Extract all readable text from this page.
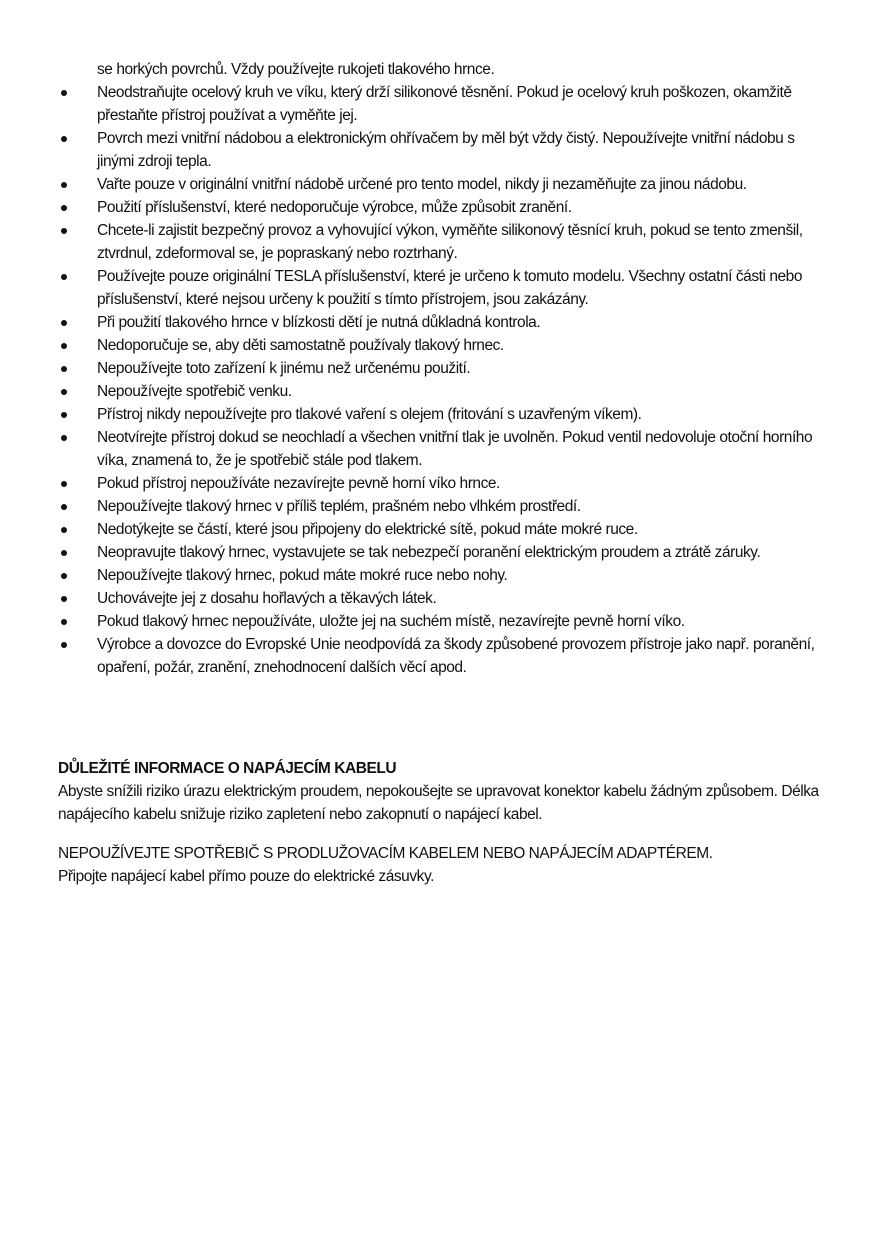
se horkých povrchů. Vždy používejte rukojeti tlakového hrnce.

Neodstraňujte ocelový kruh ve víku, který drží silikonové těsnění. Pokud je ocelový kruh poškozen, okamžitě přestaňte přístroj používat a vyměňte jej.
Povrch mezi vnitřní nádobou a elektronickým ohřívačem by měl být vždy čistý. Nepoužívejte vnitřní nádobu s jinými zdroji tepla.
Vařte pouze v originální vnitřní nádobě určené pro tento model, nikdy ji nezaměňujte za jinou nádobu.
Použití příslušenství, které nedoporučuje výrobce, může způsobit zranění.
Chcete-li zajistit bezpečný provoz a vyhovující výkon, vyměňte silikonový těsnící kruh, pokud se tento zmenšil, ztvrdnul, zdeformoval se, je popraskaný nebo roztrhaný.
Používejte pouze originální TESLA příslušenství, které je určeno k tomuto modelu. Všechny ostatní části nebo příslušenství, které nejsou určeny k použití s tímto přístrojem, jsou zakázány.
Při použití tlakového hrnce v blízkosti dětí je nutná důkladná kontrola.
Nedoporučuje se, aby děti samostatně používaly tlakový hrnec.
Nepoužívejte toto zařízení k jinému než určenému použití.
Nepoužívejte spotřebič venku.
Přístroj nikdy nepoužívejte pro tlakové vaření s olejem (fritování s uzavřeným víkem).
Neotvírejte přístroj dokud se neochladí a všechen vnitřní tlak je uvolněn. Pokud ventil nedovoluje otoční horního víka, znamená to, že je spotřebič stále pod tlakem.
Pokud přístroj nepoužíváte nezavírejte pevně horní víko hrnce.
Nepoužívejte tlakový hrnec v příliš teplém, prašném nebo vlhkém prostředí.
Nedotýkejte se částí, které jsou připojeny do elektrické sítě, pokud máte mokré ruce.
Neopravujte tlakový hrnec, vystavujete se tak nebezpečí poranění elektrickým proudem a ztrátě záruky.
Nepoužívejte tlakový hrnec, pokud máte mokré ruce nebo nohy.
Uchovávejte jej z dosahu hořlavých a těkavých látek.
Pokud tlakový hrnec nepoužíváte, uložte jej na suchém místě, nezavírejte pevně horní víko.
Výrobce a dovozce do Evropské Unie neodpovídá za škody způsobené provozem přístroje jako např. poranění, opaření, požár, zranění, znehodnocení dalších věcí apod.

DŮLEŽITÉ INFORMACE O NAPÁJECÍM KABELU

Abyste snížili riziko úrazu elektrickým proudem, nepokoušejte se upravovat konektor kabelu žádným způsobem. Délka napájecího kabelu snižuje riziko zapletení nebo zakopnutí o napájecí kabel.

NEPOUŽÍVEJTE SPOTŘEBIČ S PRODLUŽOVACÍM KABELEM NEBO NAPÁJECÍM ADAPTÉREM.

Připojte napájecí kabel přímo pouze do elektrické zásuvky.
